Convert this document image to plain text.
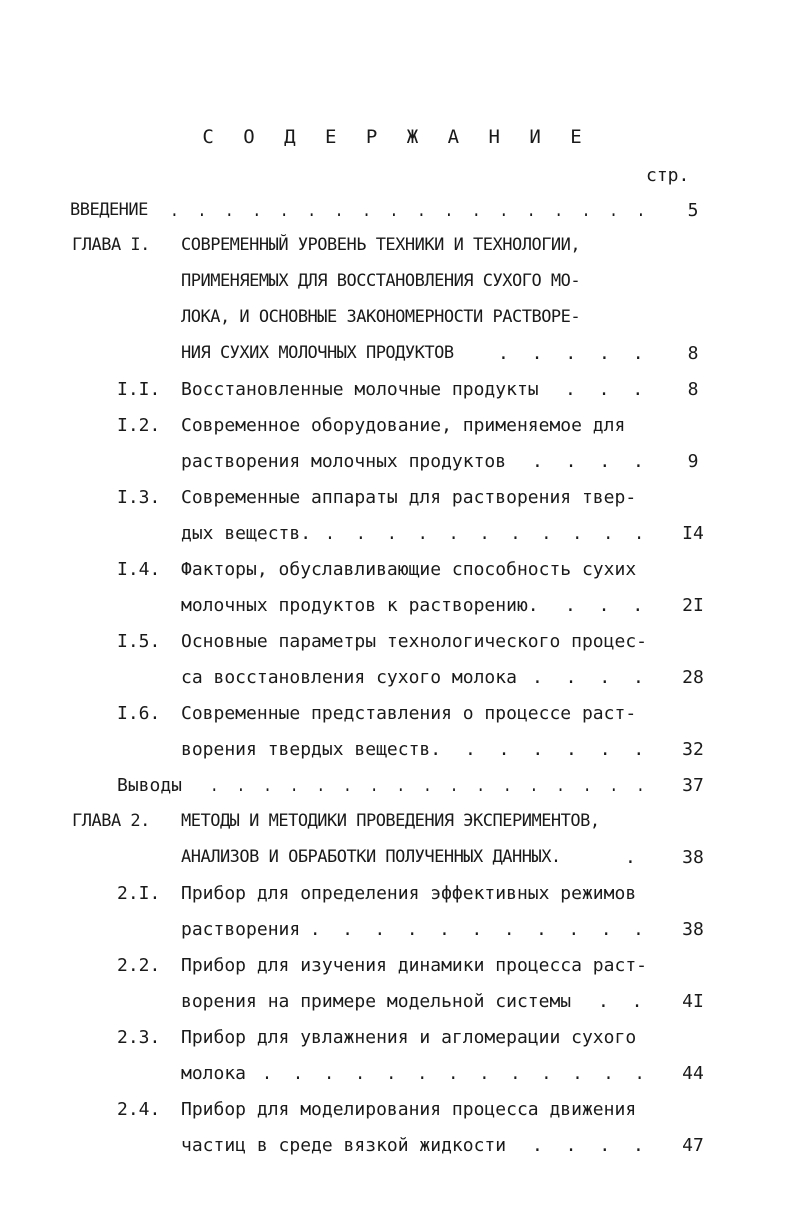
С О Д Е Р Ж А Н И Е
стр.
ВВЕДЕНИЕ . . . . . . . . . . . . . . . . . .	5
ГЛАВА I. СОВРЕМЕННЫЙ УРОВЕНЬ ТЕХНИКИ И ТЕХНОЛОГИИ,
ПРИМЕНЯЕМЫХ ДЛЯ ВОССТАНОВЛЕНИЯ СУХОГО МО-
ЛОКА, И ОСНОВНЫЕ ЗАКОНОМЕРНОСТИ РАСТВОРЕ-
НИЯ СУХИХ МОЛОЧНЫХ ПРОДУКТОВ . . . . .	8
I.I. Восстановленные молочные продукты . . .	8
I.2. Современное оборудование, применяемое для
растворения молочных продуктов . . . .	9
I.3. Современные аппараты для растворения твер-
дых веществ. . . . . . . . . . . .	I4
I.4. Факторы, обуславливающие способность сухих
молочных продуктов к растворению. . . .	2I
I.5. Основные параметры технологического процес-
са восстановления сухого молока . . . .	28
I.6. Современные представления о процессе раст-
ворения твердых веществ. . . . . . .	32
Выводы . . . . . . . . . . . . . . . . .	37
ГЛАВА 2. МЕТОДЫ И МЕТОДИКИ ПРОВЕДЕНИЯ ЭКСПЕРИМЕНТОВ,
АНАЛИЗОВ И ОБРАБОТКИ ПОЛУЧЕННЫХ ДАННЫХ.	.	38
2.I. Прибор для определения эффективных режимов
растворения . . . . . . . . . . .	38
2.2. Прибор для изучения динамики процесса раст-
ворения на примере модельной системы . .	4I
2.3. Прибор для увлажнения и агломерации сухого
молока . . . . . . . . . . . . .	44
2.4. Прибор для моделирования процесса движения
частиц в среде вязкой жидкости . . . .	47
